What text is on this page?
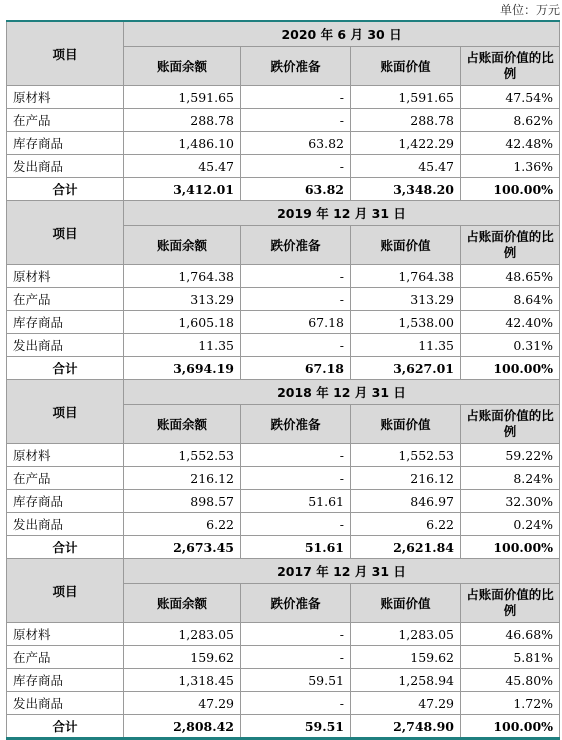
单位：万元
项目	2020 年 6 月 30 日			
	账面余额	跌价准备	账面价值	占账面价值的比例
原材料	1,591.65	-	1,591.65	47.54%
在产品	288.78	-	288.78	8.62%
库存商品	1,486.10	63.82	1,422.29	42.48%
发出商品	45.47	-	45.47	1.36%
合计	3,412.01	63.82	3,348.20	100.00%
项目	2019 年 12 月 31 日			
	账面余额	跌价准备	账面价值	占账面价值的比例
原材料	1,764.38	-	1,764.38	48.65%
在产品	313.29	-	313.29	8.64%
库存商品	1,605.18	67.18	1,538.00	42.40%
发出商品	11.35	-	11.35	0.31%
合计	3,694.19	67.18	3,627.01	100.00%
项目	2018 年 12 月 31 日			
	账面余额	跌价准备	账面价值	占账面价值的比例
原材料	1,552.53	-	1,552.53	59.22%
在产品	216.12	-	216.12	8.24%
库存商品	898.57	51.61	846.97	32.30%
发出商品	6.22	-	6.22	0.24%
合计	2,673.45	51.61	2,621.84	100.00%
项目	2017 年 12 月 31 日			
	账面余额	跌价准备	账面价值	占账面价值的比例
原材料	1,283.05	-	1,283.05	46.68%
在产品	159.62	-	159.62	5.81%
库存商品	1,318.45	59.51	1,258.94	45.80%
发出商品	47.29	-	47.29	1.72%
合计	2,808.42	59.51	2,748.90	100.00%
